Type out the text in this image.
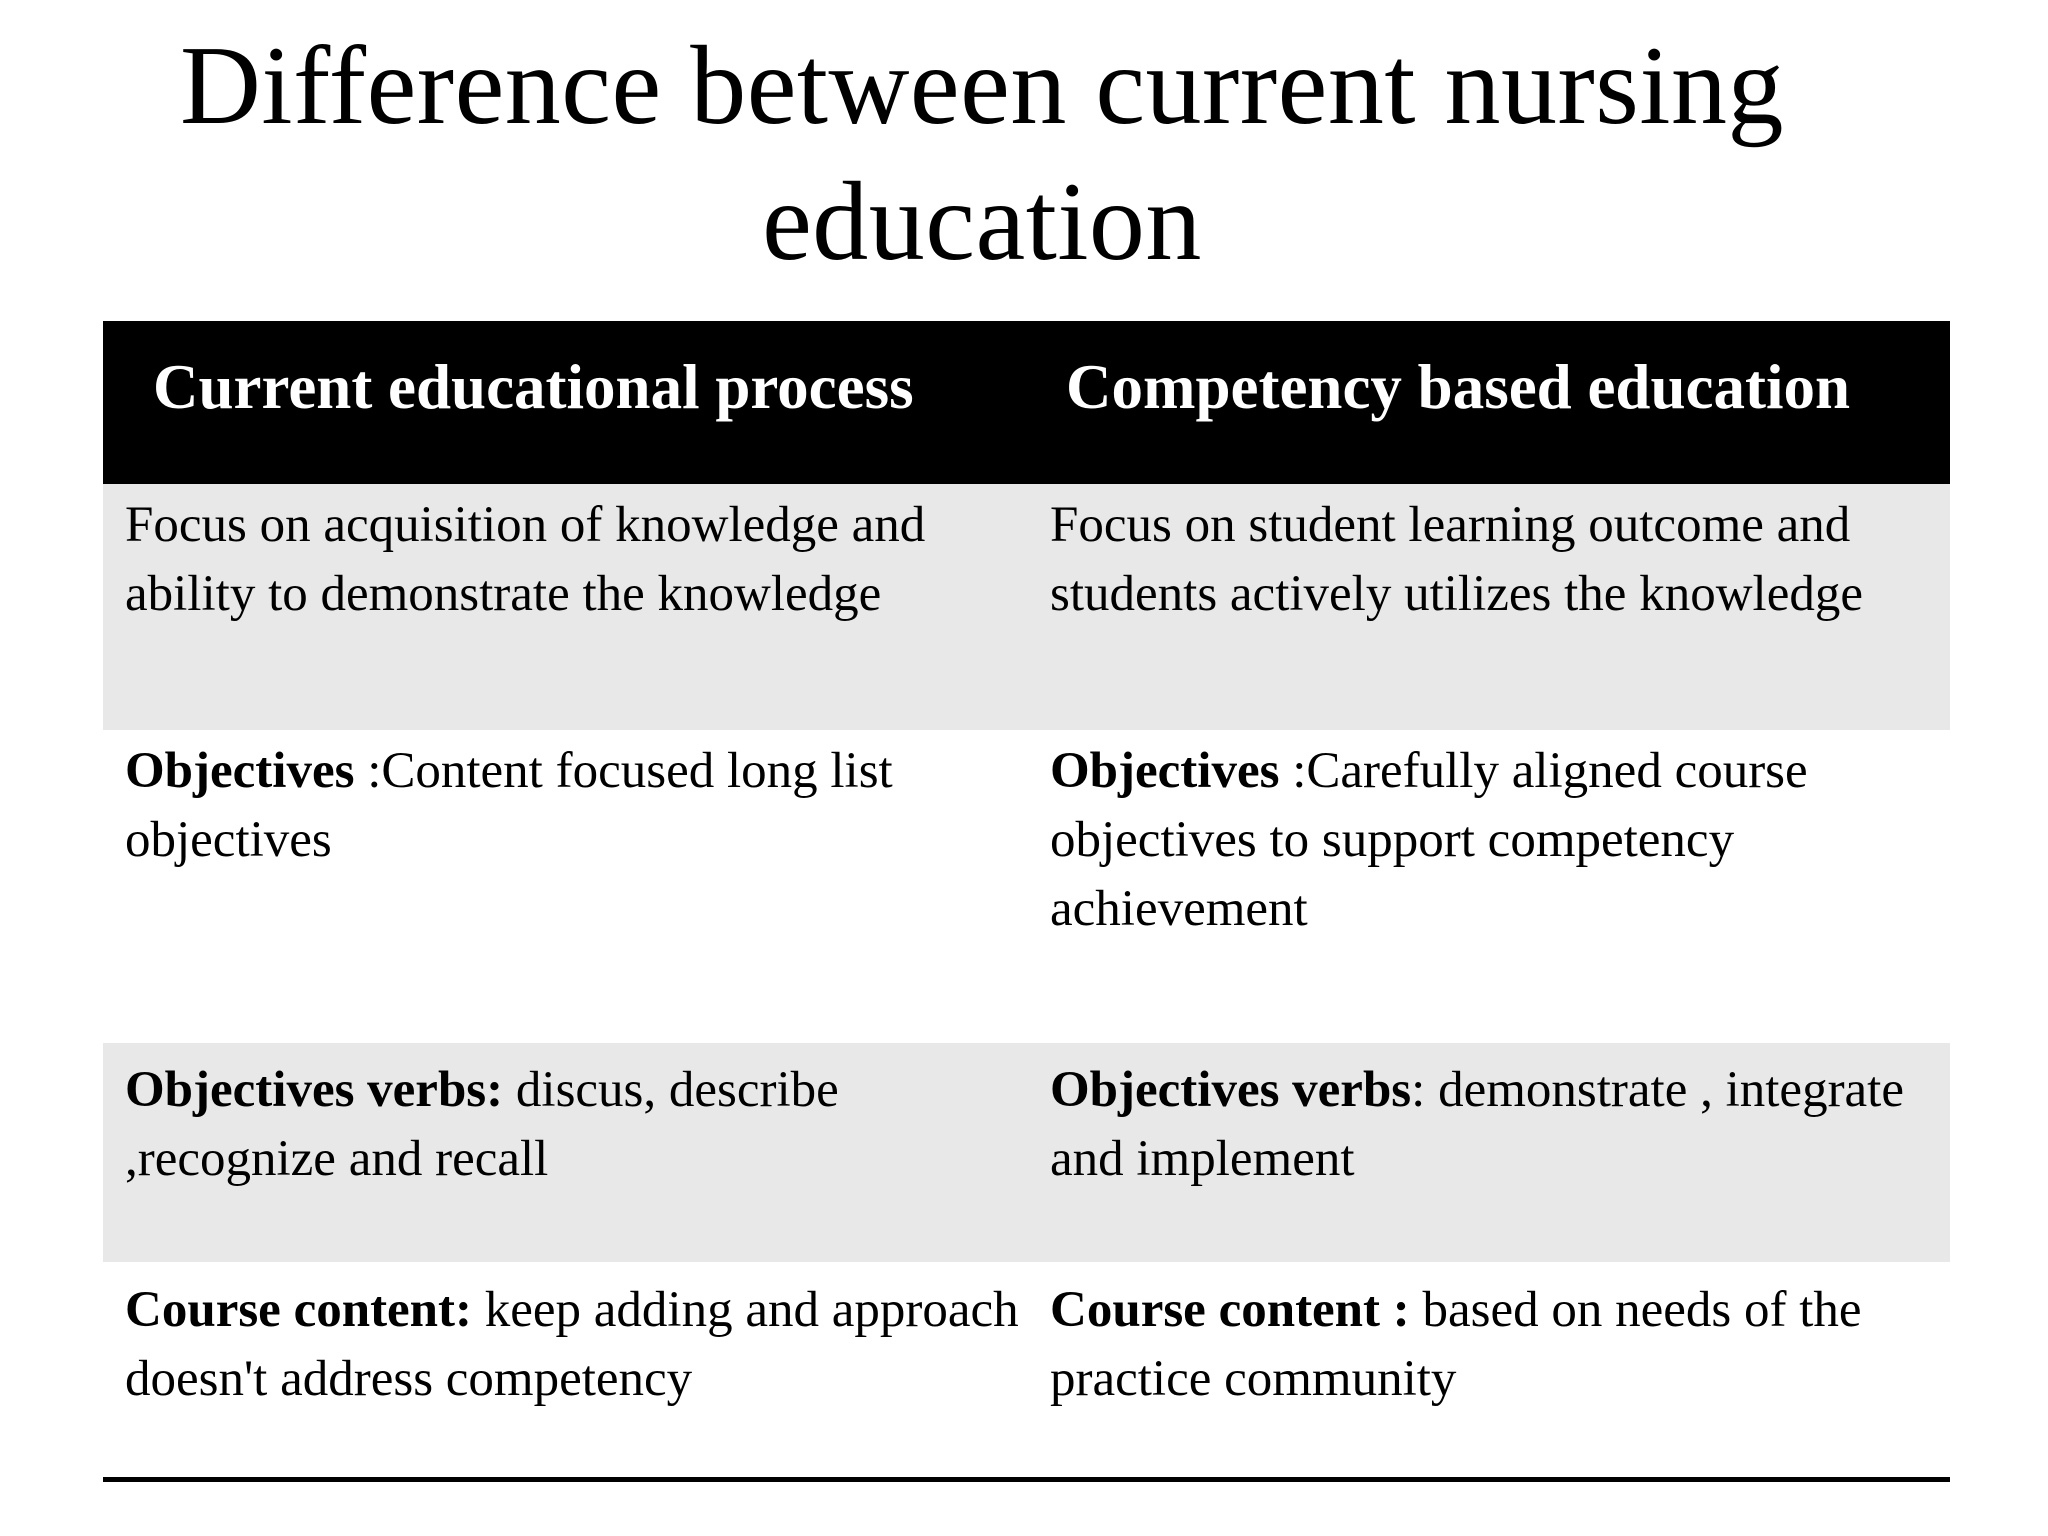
Difference between current nursing education
Current educational process	Competency based education
Focus on acquisition of knowledge and ability to demonstrate the knowledge
Focus on student learning outcome and students actively utilizes the knowledge
Objectives :Content focused long list objectives
Objectives :Carefully aligned course objectives to support competency achievement
Objectives verbs: discus, describe ,recognize and recall
Objectives verbs: demonstrate , integrate and implement
Course content: keep adding and approach doesn't address competency
Course content : based on needs of the practice community
